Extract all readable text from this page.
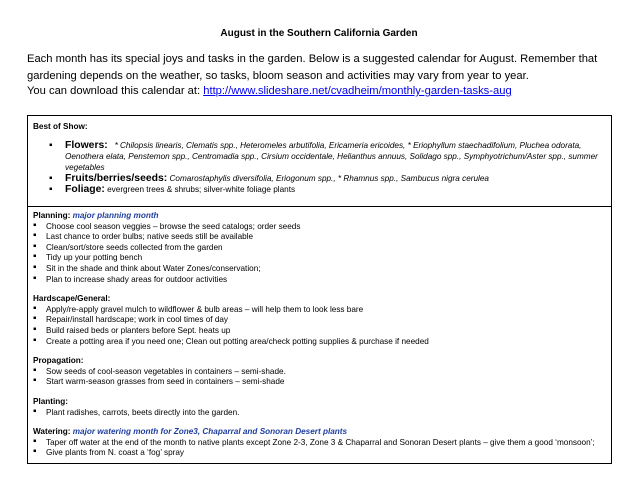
August in the Southern California Garden
Each month has its special joys and tasks in the garden. Below is a suggested calendar for August. Remember that gardening depends on the weather, so tasks, bloom season and activities may vary from year to year.
You can download this calendar at: http://www.slideshare.net/cvadheim/monthly-garden-tasks-aug
Best of Show:
▪ Flowers: * Chilopsis linearis, Clematis spp., Heteromeles arbutifolia, Ericameria ericoides, * Eriophyllum staechadifolium, Pluchea odorata, Oenothera elata, Penstemon spp., Centromadia spp., Cirsium occidentale, Helianthus annuus, Solidago spp., Symphyotrichum/Aster spp., summer vegetables
▪ Fruits/berries/seeds: Comarostaphylis diversifolia, Eriogonum spp., * Rhamnus spp., Sambucus nigra cerulea
▪ Foliage: evergreen trees & shrubs; silver-white foliage plants
Planning: major planning month
▪ Choose cool season veggies – browse the seed catalogs; order seeds
▪ Last chance to order bulbs; native seeds still be available
▪ Clean/sort/store seeds collected from the garden
▪ Tidy up your potting bench
▪ Sit in the shade and think about Water Zones/conservation;
▪ Plan to increase shady areas for outdoor activities
Hardscape/General:
▪ Apply/re-apply gravel mulch to wildflower & bulb areas – will help them to look less bare
▪ Repair/install hardscape; work in cool times of day
▪ Build raised beds or planters before Sept. heats up
▪ Create a potting area if you need one; Clean out potting area/check potting supplies & purchase if needed
Propagation:
▪ Sow seeds of cool-season vegetables in containers – semi-shade.
▪ Start warm-season grasses from seed in containers – semi-shade
Planting:
▪ Plant radishes, carrots, beets directly into the garden.
Watering: major watering month for Zone3, Chaparral and Sonoran Desert plants
▪ Taper off water at the end of the month to native plants except Zone 2-3, Zone 3 & Chaparral and Sonoran Desert plants – give them a good ‘monsoon’;
▪ Give plants from N. coast a ‘fog’ spray
